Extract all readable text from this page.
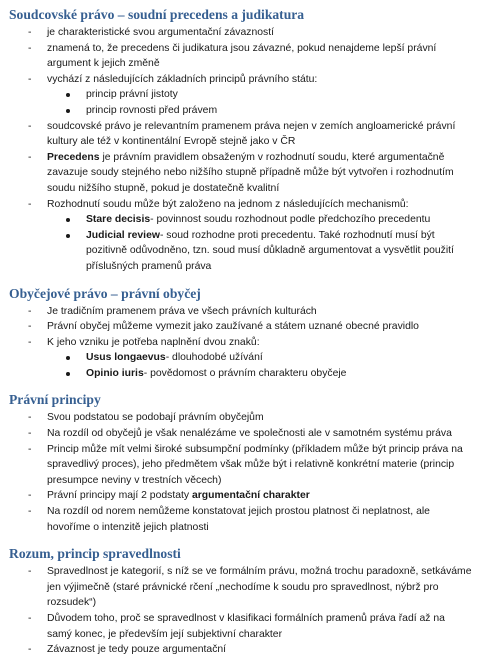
Soudcovské právo – soudní precedens a judikatura
- je charakteristické svou argumentační závazností
- znamená to, že precedens či judikatura jsou závazné, pokud nenajdeme lepší právní argument k jejich změně
- vychází z následujících základních principů právního státu:
princip právní jistoty
princip rovnosti před právem
- soudcovské právo je relevantním pramenem práva nejen v zemích angloamerické právní kultury ale též v kontinentální Evropě stejně jako v ČR
- Precedens je právním pravidlem obsaženým v rozhodnutí soudu, které argumentačně zavazuje soudy stejného nebo nižšího stupně případně může být vytvořen i rozhodnutím soudu nižšího stupně, pokud je dostatečně kvalitní
- Rozhodnutí soudu může být založeno na jednom z následujících mechanismů:
Stare decisis- povinnost soudu rozhodnout podle předchozího precedentu
Judicial review- soud rozhodne proti precedentu. Také rozhodnutí musí být pozitivně odůvodněno, tzn. soud musí důkladně argumentovat a vysvětlit použití příslušných pramenů práva
Obyčejové právo – právní obyčej
- Je tradičním pramenem práva ve všech právních kulturách
- Právní obyčej můžeme vymezit jako zaužívané a státem uznané obecné pravidlo
- K jeho vzniku je potřeba naplnění dvou znaků:
Usus longaevus- dlouhodobé užívání
Opinio iuris- povědomost o právním charakteru obyčeje
Právní principy
- Svou podstatou se podobají právním obyčejům
- Na rozdíl od obyčejů je však nenalézáme ve společnosti ale v samotném systému práva
- Princip může mít velmi široké subsumpční podmínky (příkladem může být princip práva na spravedlivý proces), jeho předmětem však může být i relativně konkrétní materie (princip presumpce neviny v trestních věcech)
- Právní principy mají 2 podstaty argumentační charakter
- Na rozdíl od norem nemůžeme konstatovat jejich prostou platnost či neplatnost, ale hovoříme o intenzitě jejich platnosti
Rozum, princip spravedlnosti
- Spravedlnost je kategorií, s níž se ve formálním právu, možná trochu paradoxně, setkáváme jen výjimečně (staré právnické rčení „nechodíme k soudu pro spravedlnost, nýbrž pro rozsudek“)
- Důvodem toho, proč se spravedlnost v klasifikaci formálních pramenů práva řadí až na samý konec, je především její subjektivní charakter
- Závaznost je tedy pouze argumentační
